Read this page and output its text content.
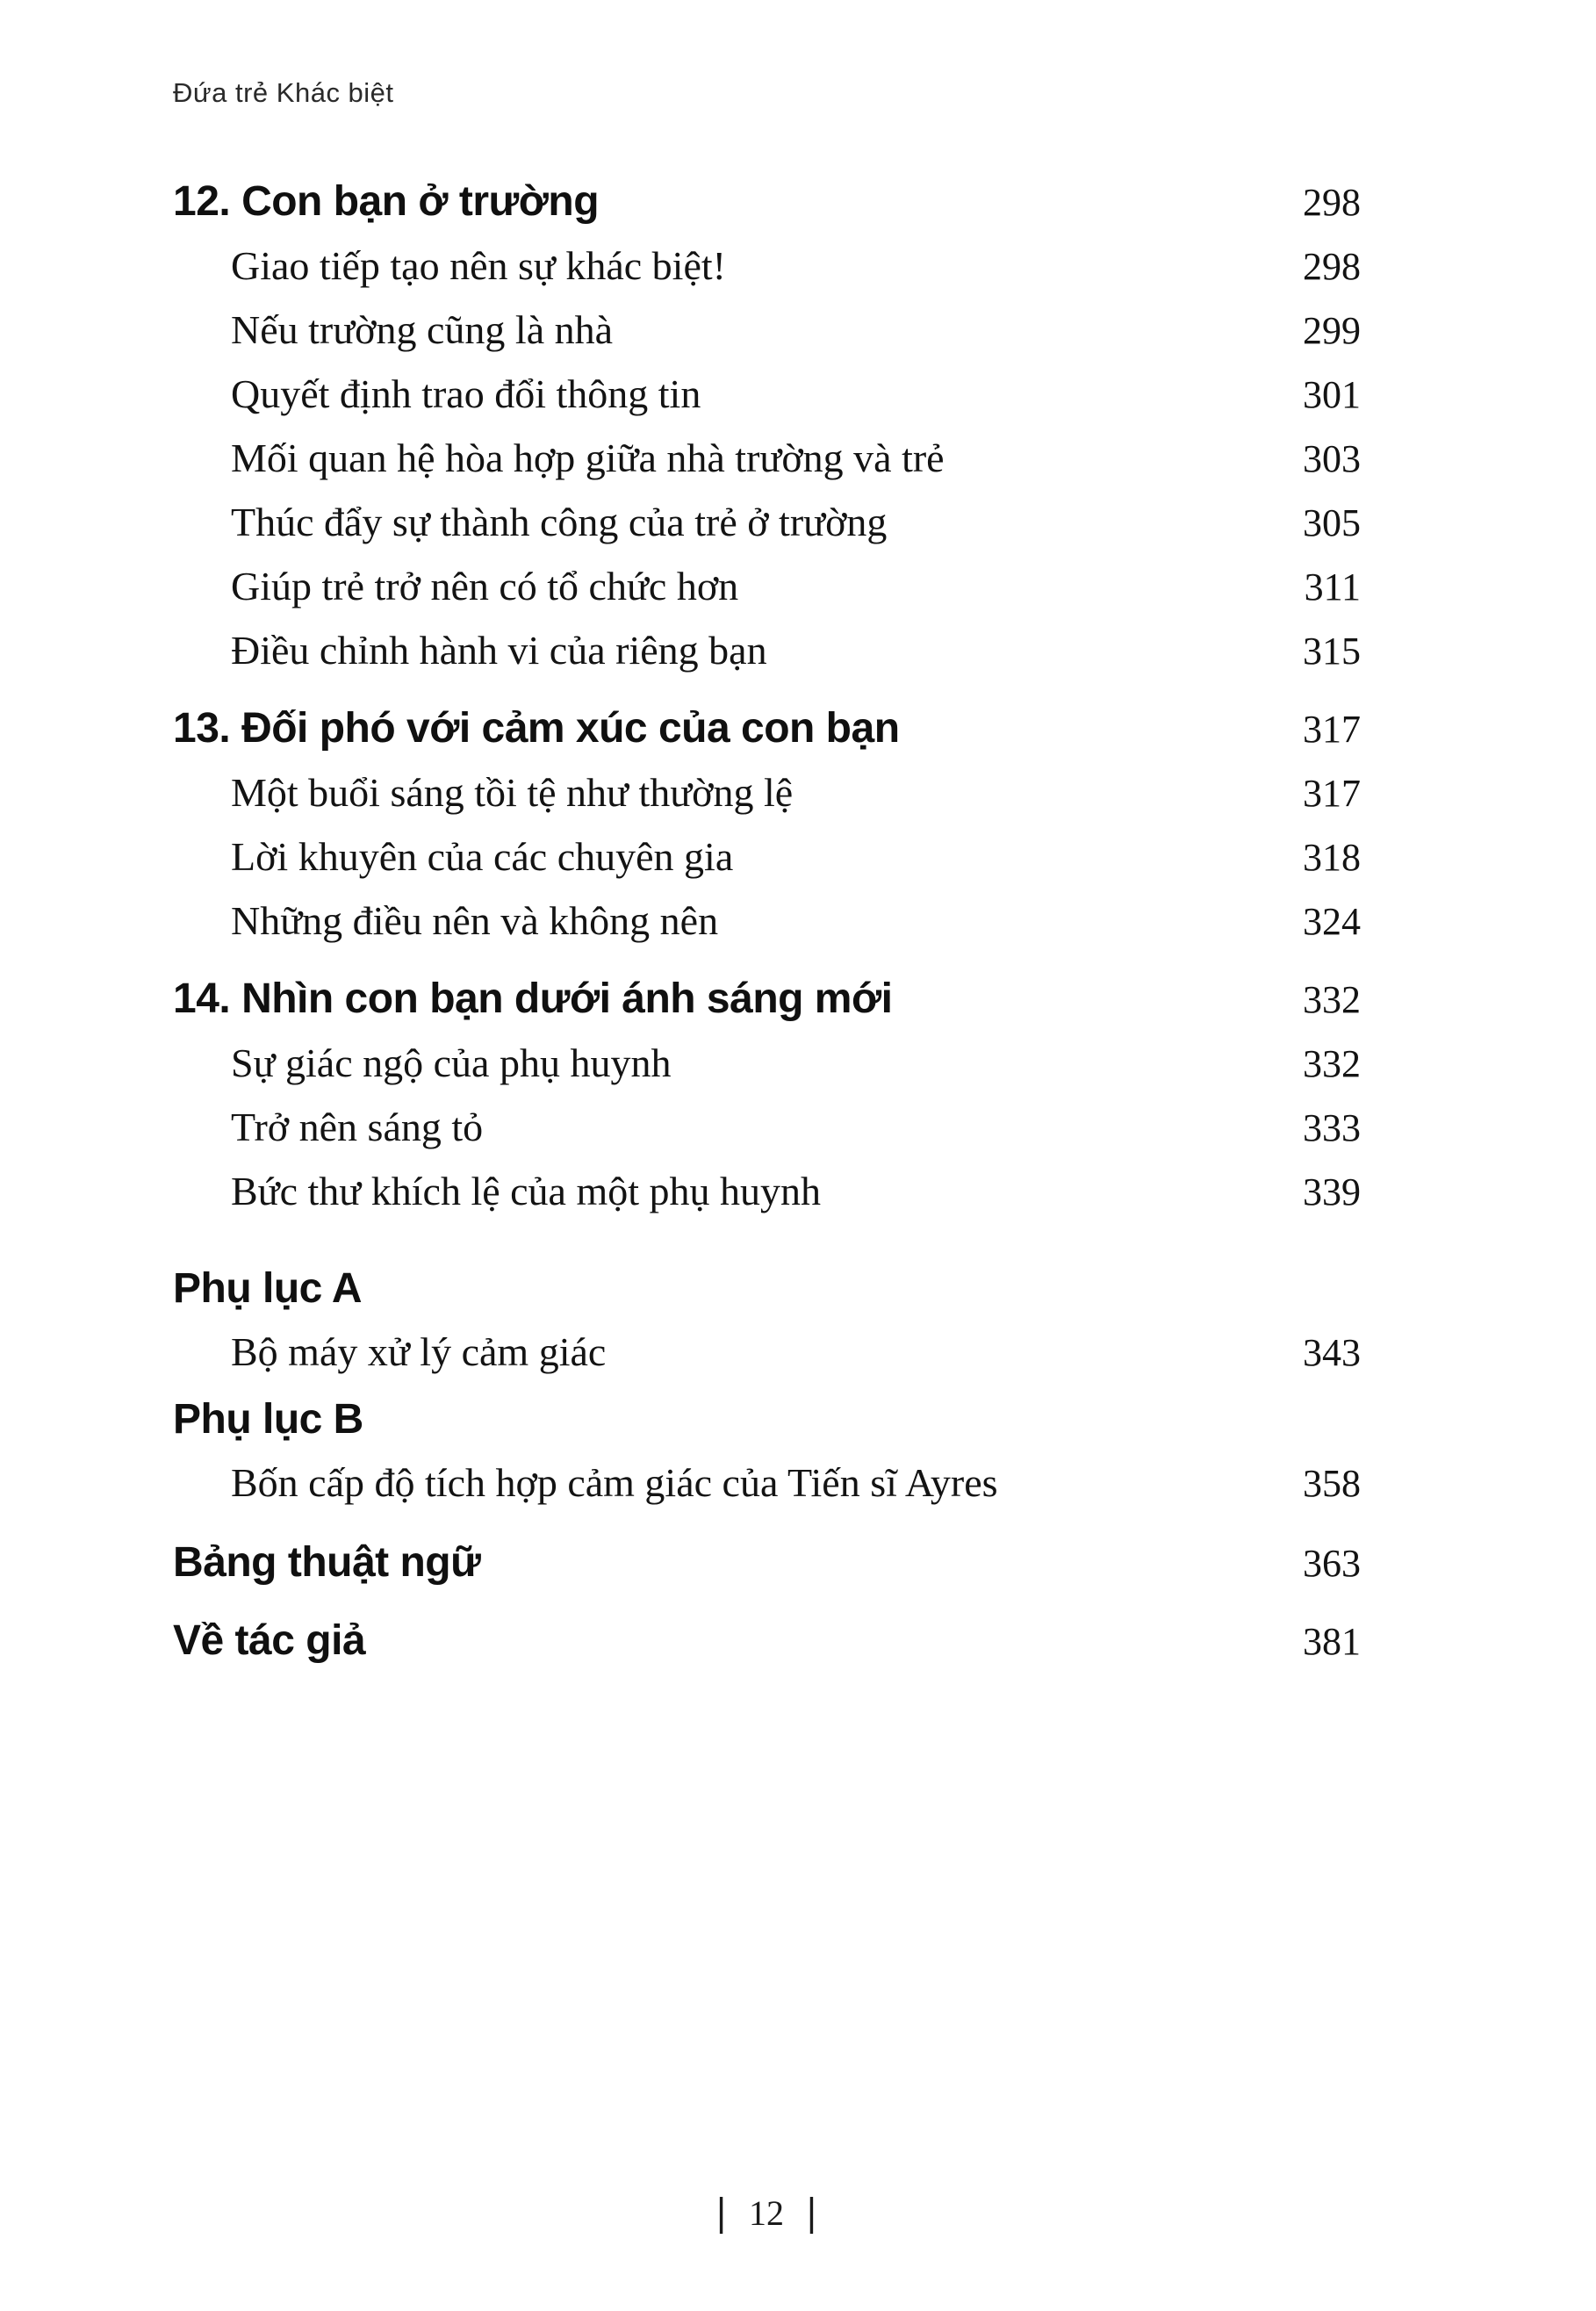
Đứa trẻ Khác biệt
12. Con bạn ở trường	298
Giao tiếp tạo nên sự khác biệt!	298
Nếu trường cũng là nhà	299
Quyết định trao đổi thông tin	301
Mối quan hệ hòa hợp giữa nhà trường và trẻ	303
Thúc đẩy sự thành công của trẻ ở trường	305
Giúp trẻ trở nên có tổ chức hơn	311
Điều chỉnh hành vi của riêng bạn	315
13. Đối phó với cảm xúc của con bạn	317
Một buổi sáng tồi tệ như thường lệ	317
Lời khuyên của các chuyên gia	318
Những điều nên và không nên	324
14. Nhìn con bạn dưới ánh sáng mới	332
Sự giác ngộ của phụ huynh	332
Trở nên sáng tỏ	333
Bức thư khích lệ của một phụ huynh	339
Phụ lục A
Bộ máy xử lý cảm giác	343
Phụ lục B
Bốn cấp độ tích hợp cảm giác của Tiến sĩ Ayres	358
Bảng thuật ngữ	363
Về tác giả	381
| 12 |
